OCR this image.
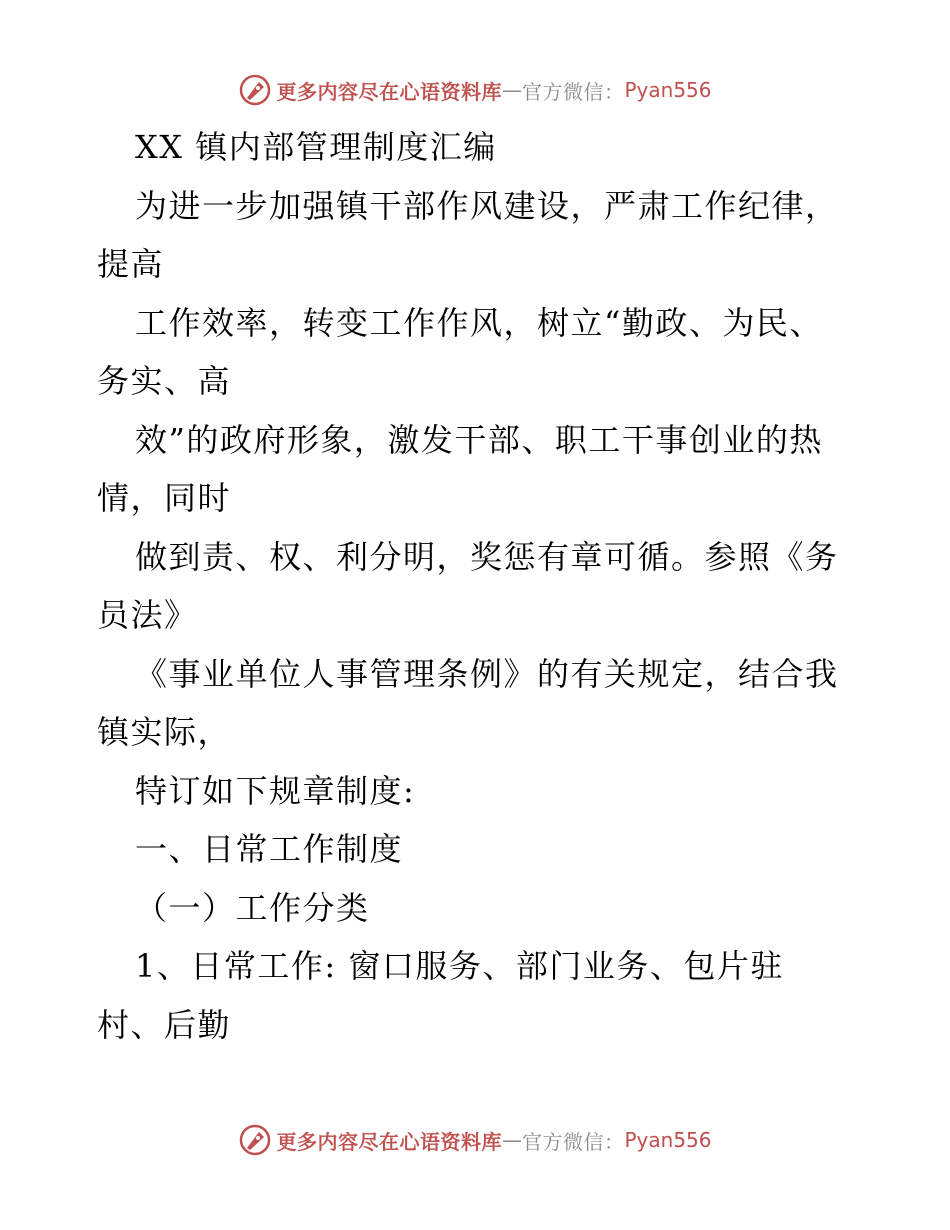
更多内容尽在心语资料库 — 官方微信： Pyan556
XX 镇内部管理制度汇编
为进一步加强镇干部作风建设，严肃工作纪律，
提高
工作效率，转变工作作风，树立“勤政、为民、
务实、高
效”的政府形象，激发干部、职工干事创业的热
情，同时
做到责、权、利分明，奖惩有章可循。参照《务
员法》
《事业单位人事管理条例》的有关规定，结合我
镇实际，
特订如下规章制度:
一、日常工作制度
（一）工作分类
1、日常工作: 窗口服务、部门业务、包片驻
村、后勤
更多内容尽在心语资料库 — 官方微信： Pyan556
